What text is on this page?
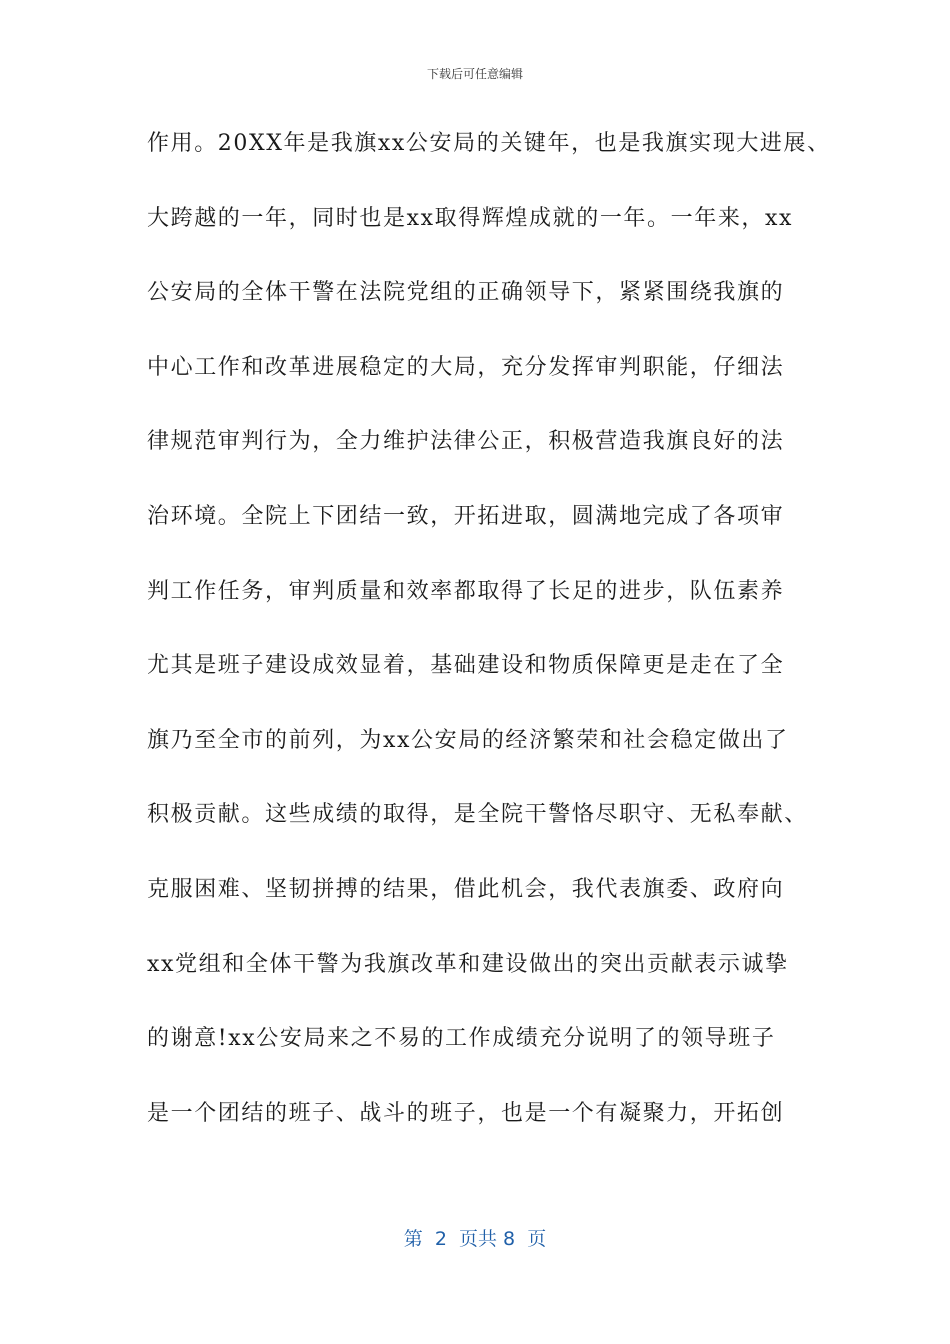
下载后可任意编辑
作用。20XX年是我旗xx公安局的关键年，也是我旗实现大进展、
大跨越的一年，同时也是xx取得辉煌成就的一年。一年来，xx
公安局的全体干警在法院党组的正确领导下，紧紧围绕我旗的
中心工作和改革进展稳定的大局，充分发挥审判职能，仔细法
律规范审判行为，全力维护法律公正，积极营造我旗良好的法
治环境。全院上下团结一致，开拓进取，圆满地完成了各项审
判工作任务，审判质量和效率都取得了长足的进步，队伍素养
尤其是班子建设成效显着，基础建设和物质保障更是走在了全
旗乃至全市的前列，为xx公安局的经济繁荣和社会稳定做出了
积极贡献。这些成绩的取得，是全院干警恪尽职守、无私奉献、
克服困难、坚韧拼搏的结果，借此机会，我代表旗委、政府向
xx党组和全体干警为我旗改革和建设做出的突出贡献表示诚挚
的谢意!xx公安局来之不易的工作成绩充分说明了的领导班子
是一个团结的班子、战斗的班子，也是一个有凝聚力，开拓创
第  2  页共 8  页
